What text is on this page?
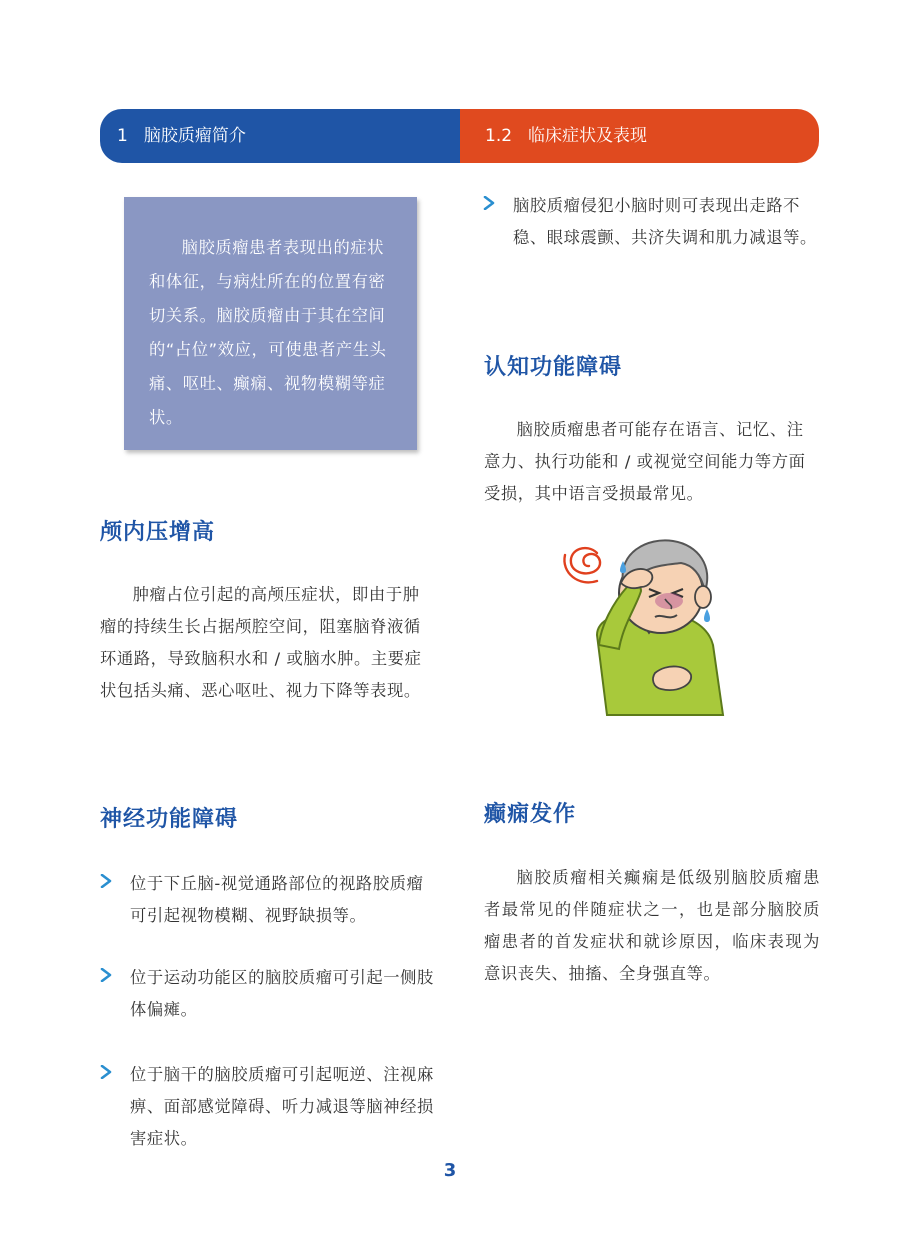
1 脑胶质瘤简介	1.2 临床症状及表现

脑胶质瘤患者表现出的症状和体征，与病灶所在的位置有密切关系。脑胶质瘤由于其在空间的“占位”效应，可使患者产生头痛、呕吐、癫痫、视物模糊等症状。

颅内压增高

肿瘤占位引起的高颅压症状，即由于肿瘤的持续生长占据颅腔空间，阻塞脑脊液循环通路，导致脑积水和 / 或脑水肿。主要症状包括头痛、恶心呕吐、视力下降等表现。

神经功能障碍

位于下丘脑-视觉通路部位的视路胶质瘤可引起视物模糊、视野缺损等。

位于运动功能区的脑胶质瘤可引起一侧肢体偏瘫。

位于脑干的脑胶质瘤可引起呃逆、注视麻痹、面部感觉障碍、听力减退等脑神经损害症状。

脑胶质瘤侵犯小脑时则可表现出走路不稳、眼球震颤、共济失调和肌力减退等。

认知功能障碍

脑胶质瘤患者可能存在语言、记忆、注意力、执行功能和 / 或视觉空间能力等方面受损，其中语言受损最常见。

癫痫发作

脑胶质瘤相关癫痫是低级别脑胶质瘤患者最常见的伴随症状之一，也是部分脑胶质瘤患者的首发症状和就诊原因，临床表现为意识丧失、抽搐、全身强直等。

3
